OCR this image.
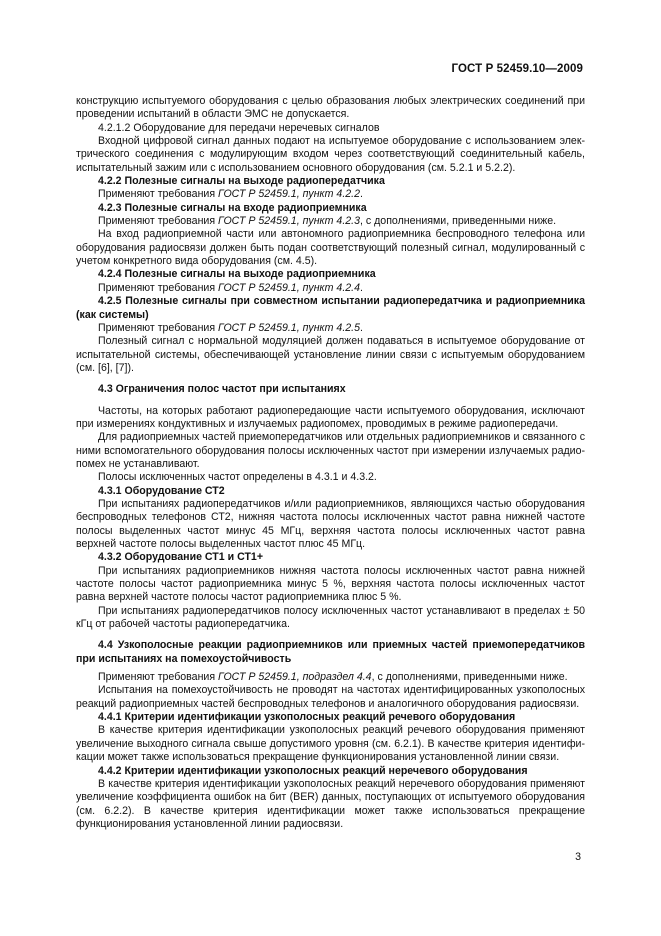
ГОСТ Р 52459.10—2009

конструкцию испытуемого оборудования с целью образования любых электрических соединений при проведении испытаний в области ЭМС не допускается.

4.2.1.2 Оборудование для передачи неречевых сигналов

Входной цифровой сигнал данных подают на испытуемое оборудование с использованием электрического соединения с модулирующим входом через соответствующий соединительный кабель, испытательный зажим или с использованием основного оборудования (см. 5.2.1 и 5.2.2).

4.2.2 Полезные сигналы на выходе радиопередатчика

Применяют требования ГОСТ Р 52459.1, пункт 4.2.2.

4.2.3 Полезные сигналы на входе радиоприемника

Применяют требования ГОСТ Р 52459.1, пункт 4.2.3, с дополнениями, приведенными ниже.

На вход радиоприемной части или автономного радиоприемника беспроводного телефона или оборудования радиосвязи должен быть подан соответствующий полезный сигнал, модулированный с учетом конкретного вида оборудования (см. 4.5).

4.2.4 Полезные сигналы на выходе радиоприемника

Применяют требования ГОСТ Р 52459.1, пункт 4.2.4.

4.2.5 Полезные сигналы при совместном испытании радиопередатчика и радиоприемника (как системы)

Применяют требования ГОСТ Р 52459.1, пункт 4.2.5.

Полезный сигнал с нормальной модуляцией должен подаваться в испытуемое оборудование от испытательной системы, обеспечивающей установление линии связи с испытуемым оборудованием (см. [6], [7]).

4.3 Ограничения полос частот при испытаниях

Частоты, на которых работают радиопередающие части испытуемого оборудования, исключают при измерениях кондуктивных и излучаемых радиопомех, проводимых в режиме радиопередачи.

Для радиоприемных частей приемопередатчиков или отдельных радиоприемников и связанного с ними вспомогательного оборудования полосы исключенных частот при измерении излучаемых радиопомех не устанавливают.

Полосы исключенных частот определены в 4.3.1 и 4.3.2.

4.3.1 Оборудование СТ2

При испытаниях радиопередатчиков и/или радиоприемников, являющихся частью оборудования беспроводных телефонов СТ2, нижняя частота полосы исключенных частот равна нижней частоте полосы выделенных частот минус 45 МГц, верхняя частота полосы исключенных частот равна верхней частоте полосы выделенных частот плюс 45 МГц.

4.3.2 Оборудование СТ1 и СТ1+

При испытаниях радиоприемников нижняя частота полосы исключенных частот равна нижней частоте полосы частот радиоприемника минус 5 %, верхняя частота полосы исключенных частот равна верхней частоте полосы частот радиоприемника плюс 5 %.

При испытаниях радиопередатчиков полосу исключенных частот устанавливают в пределах ± 50 кГц от рабочей частоты радиопередатчика.

4.4 Узкополосные реакции радиоприемников или приемных частей приемопередатчиков при испытаниях на помехоустойчивость

Применяют требования ГОСТ Р 52459.1, подраздел 4.4, с дополнениями, приведенными ниже.

Испытания на помехоустойчивость не проводят на частотах идентифицированных узкополосных реакций радиоприемных частей беспроводных телефонов и аналогичного оборудования радиосвязи.

4.4.1 Критерии идентификации узкополосных реакций речевого оборудования

В качестве критерия идентификации узкополосных реакций речевого оборудования применяют увеличение выходного сигнала свыше допустимого уровня (см. 6.2.1). В качестве критерия идентификации может также использоваться прекращение функционирования установленной линии связи.

4.4.2 Критерии идентификации узкополосных реакций неречевого оборудования

В качестве критерия идентификации узкополосных реакций неречевого оборудования применяют увеличение коэффициента ошибок на бит (BER) данных, поступающих от испытуемого оборудования (см. 6.2.2). В качестве критерия идентификации может также использоваться прекращение функционирования установленной линии радиосвязи.

3
